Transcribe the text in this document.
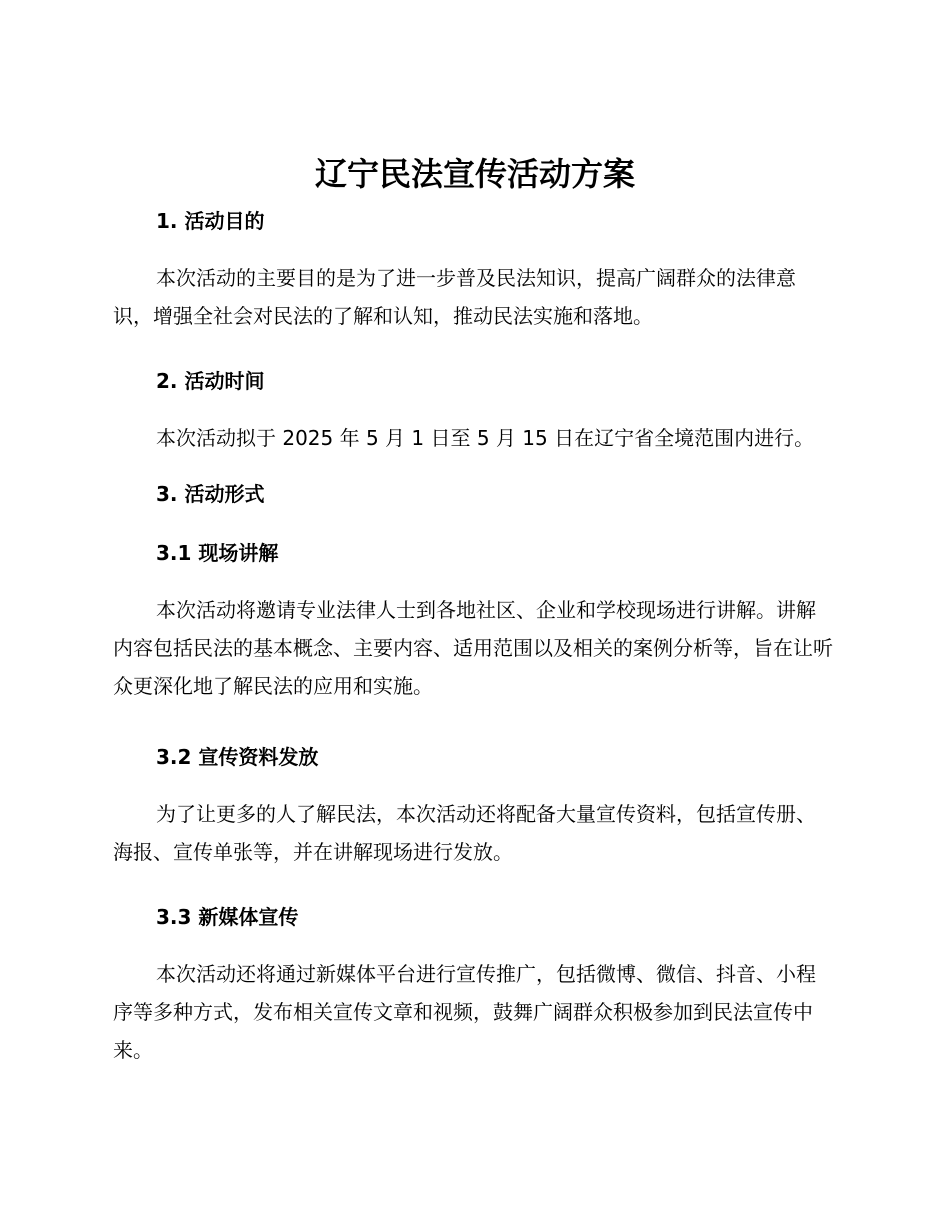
辽宁民法宣传活动方案
1. 活动目的

本次活动的主要目的是为了进一步普及民法知识，提高广阔群众的法律意识，增强全社会对民法的了解和认知，推动民法实施和落地。

2. 活动时间

本次活动拟于 2025 年 5 月 1 日至 5 月 15 日在辽宁省全境范围内进行。

3. 活动形式
3.1 现场讲解

本次活动将邀请专业法律人士到各地社区、企业和学校现场进行讲解。讲解内容包括民法的基本概念、主要内容、适用范围以及相关的案例分析等，旨在让听众更深化地了解民法的应用和实施。

3.2 宣传资料发放

为了让更多的人了解民法，本次活动还将配备大量宣传资料，包括宣传册、海报、宣传单张等，并在讲解现场进行发放。

3.3 新媒体宣传

本次活动还将通过新媒体平台进行宣传推广，包括微博、微信、抖音、小程序等多种方式，发布相关宣传文章和视频，鼓舞广阔群众积极参加到民法宣传中来。
